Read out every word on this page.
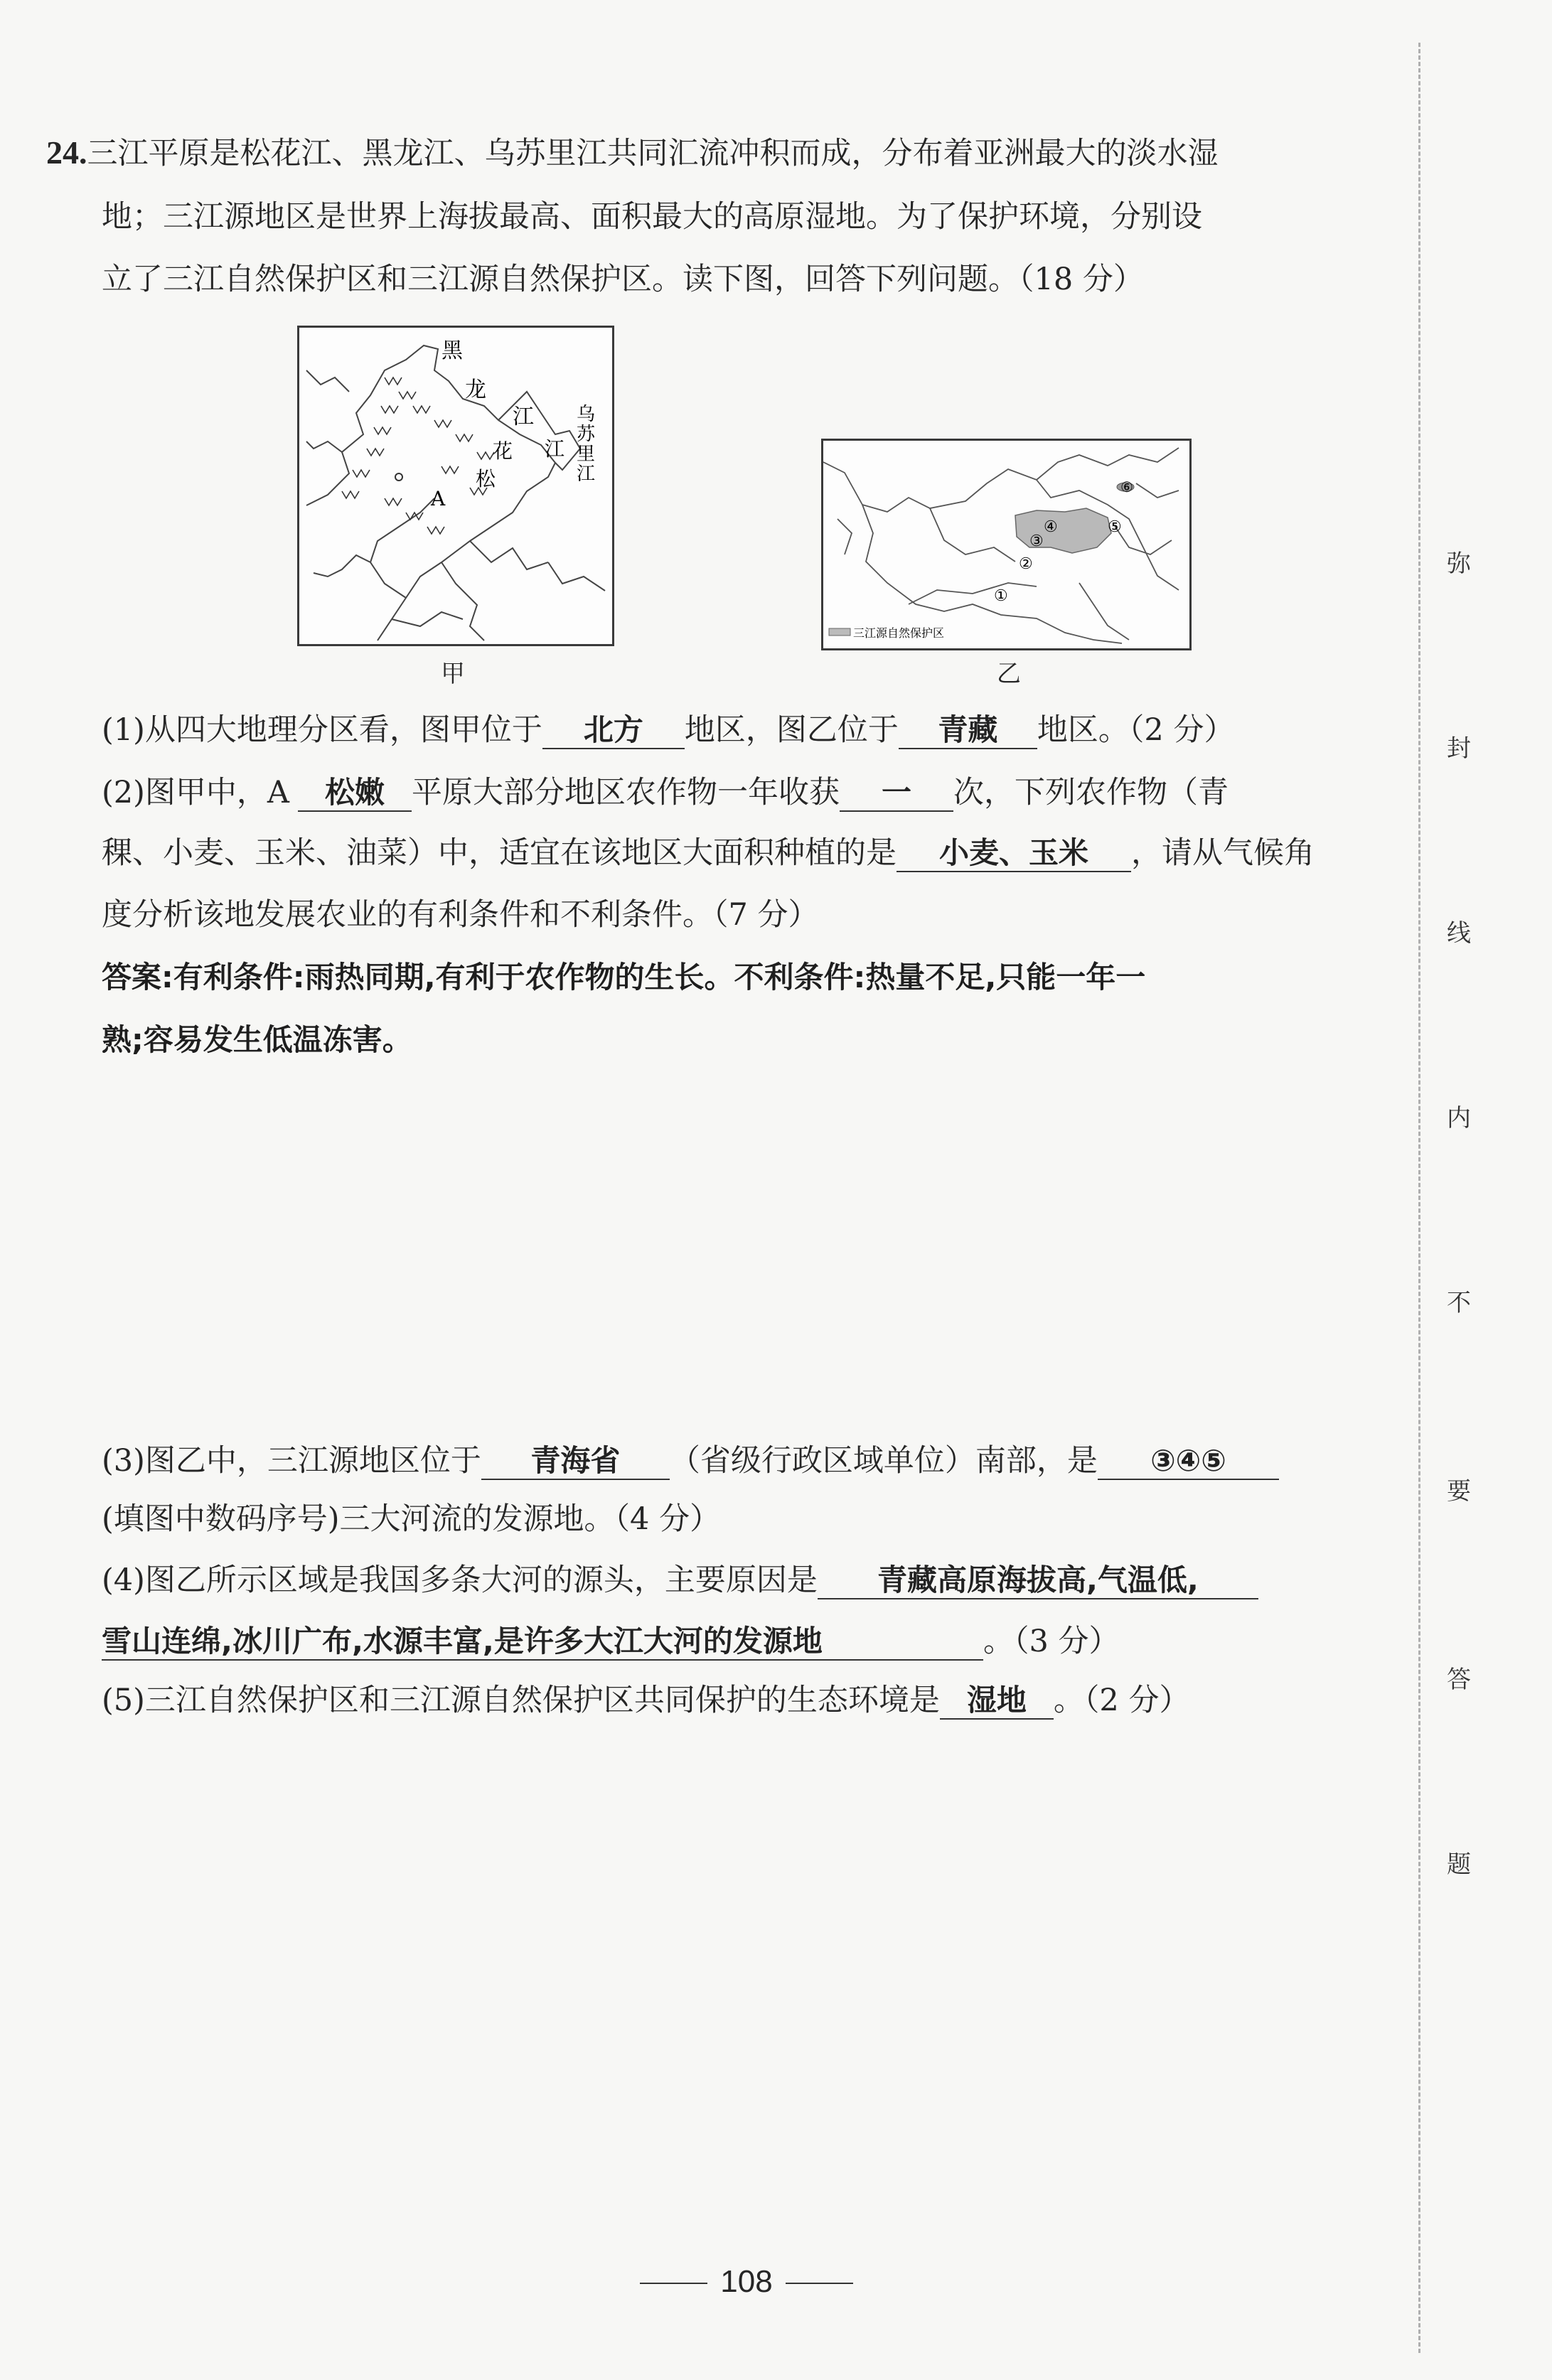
24.三江平原是松花江、黑龙江、乌苏里江共同汇流冲积而成，分布着亚洲最大的淡水湿
地；三江源地区是世界上海拔最高、面积最大的高原湿地。为了保护环境，分别设
立了三江自然保护区和三江源自然保护区。读下图，回答下列问题。（18 分）
黑
龙
江 乌
苏
里
江
江
花
松
A
甲
⑥
④	⑤
③
②
①
三江源自然保护区
乙
(1)从四大地理分区看，图甲位于 北方 地区，图乙位于 青藏 地区。（2 分）
(2)图甲中，A 松嫩 平原大部分地区农作物一年收获 一 次，下列农作物（青
稞、小麦、玉米、油菜）中，适宜在该地区大面积种植的是 小麦、玉米 ，请从气候角
度分析该地发展农业的有利条件和不利条件。（7 分）
答案:有利条件:雨热同期,有利于农作物的生长。不利条件:热量不足,只能一年一
熟;容易发生低温冻害。
(3)图乙中，三江源地区位于 青海省 （省级行政区域单位）南部，是 ③④⑤
(填图中数码序号)三大河流的发源地。（4 分）
(4)图乙所示区域是我国多条大河的源头，主要原因是 青藏高原海拔高,气温低,
雪山连绵,冰川广布,水源丰富,是许多大江大河的发源地	。（3 分）
(5)三江自然保护区和三江源自然保护区共同保护的生态环境是 湿地 。（2 分）
弥
封
线
内
不
要
答
题
108
